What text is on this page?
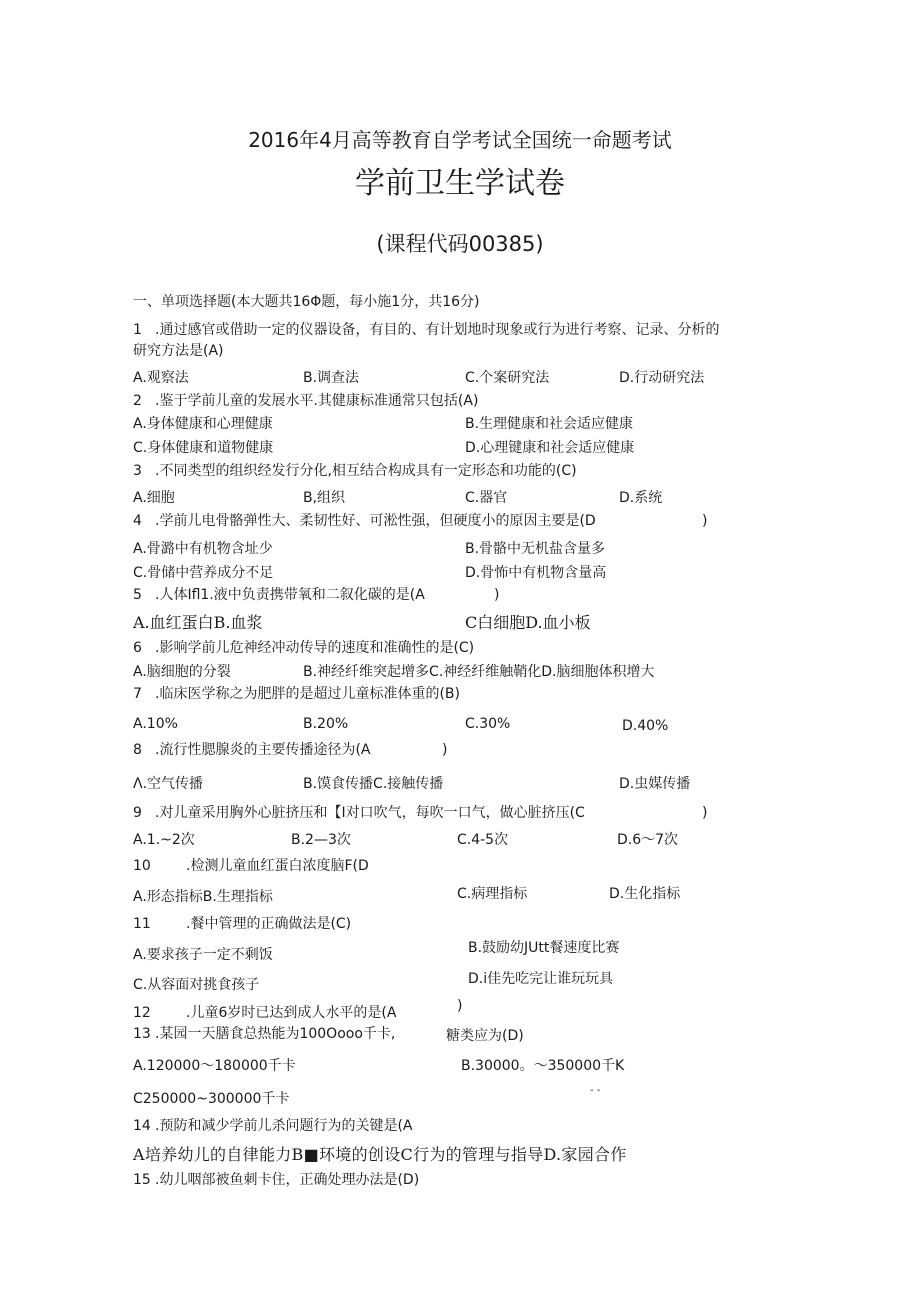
2016年4月高等教育自学考试全国统一命题考试
学前卫生学试卷
(课程代码00385)
一、单项选择题(本大题共16Φ题，每小施1分，共16分)
1 .通过感官或借助一定的仪器设备，有目的、有计划地时现象或行为进行考察、记录、分析的
研究方法是(A)
A.观察法	B.调查法	C.个案研究法	D.行动研究法
2 .鉴于学前儿童的发展水平.其健康标准通常只包括(A)
A.身体健康和心理健康	B.生理健康和社会适应健康
C.身体健康和道物健康	D.心理键康和社会适应健康
3 .不同类型的组织经发行分化,相互结合构成具有一定形态和功能的(C)
A.细胞	B,组织	C.器官	D.系统
4 .学前儿电骨骼弹性大、柔韧性好、可淞性强，但硬度小的原因主要是(D	)
A.骨潞中有机物含址少	B.骨骼中无机盐含量多
C.骨储中营养成分不足	D.骨怖中有机物含量高
5 .人体Ifl1.液中负责携带氧和二叙化碳的是(A	)
A.血红蛋白B.血浆	C白细胞D.血小板
6 .影响学前儿危神经冲动传导的速度和准确性的是(C)
A.脑细胞的分裂	B.神经纤维突起增多C.神经纤维触鞘化D.脑细胞体积增大
7 .临床医学称之为肥胖的是超过儿童标准体重的(B)
A.10%	B.20%	C.30%	D.40%
8 .流行性腮腺炎的主要传播途径为(A	)
Λ.空气传播	B.馍食传播C.接触传播	D.虫媒传播
9 .对儿童采用胸外心脏挤压和【I对口吹气，每吹一口气，做心脏挤压(C	)
A.1.~2次	B.2—3次	C.4-5次	D.6〜7次
10	.检测儿童血红蛋白浓度脑F(D
A.形态指标B.生理指标	C.病理指标	D.生化指标
11	.餐中管理的正确做法是(C)
A.要求孩子一定不剩饭	B.鼓励幼JUtt餐速度比赛
C.从容面对挑食孩子	D.i佳先吃完让谁玩玩具
12	.儿童6岁时已达到成人水平的是(A	)
13 .某园一天膳食总热能为100Oooo千卡,	糖类应为(D)
A.120000〜180000千卡	B.30000。〜350000千K
C250000~300000千卡
- -
14 .预防和减少学前儿杀问题行为的关键是(A
A培养幼儿的自律能力B■环境的创设C行为的管理与指导D.家园合作
15 .幼儿咽部被鱼刺卡住，正确处理办法是(D)
